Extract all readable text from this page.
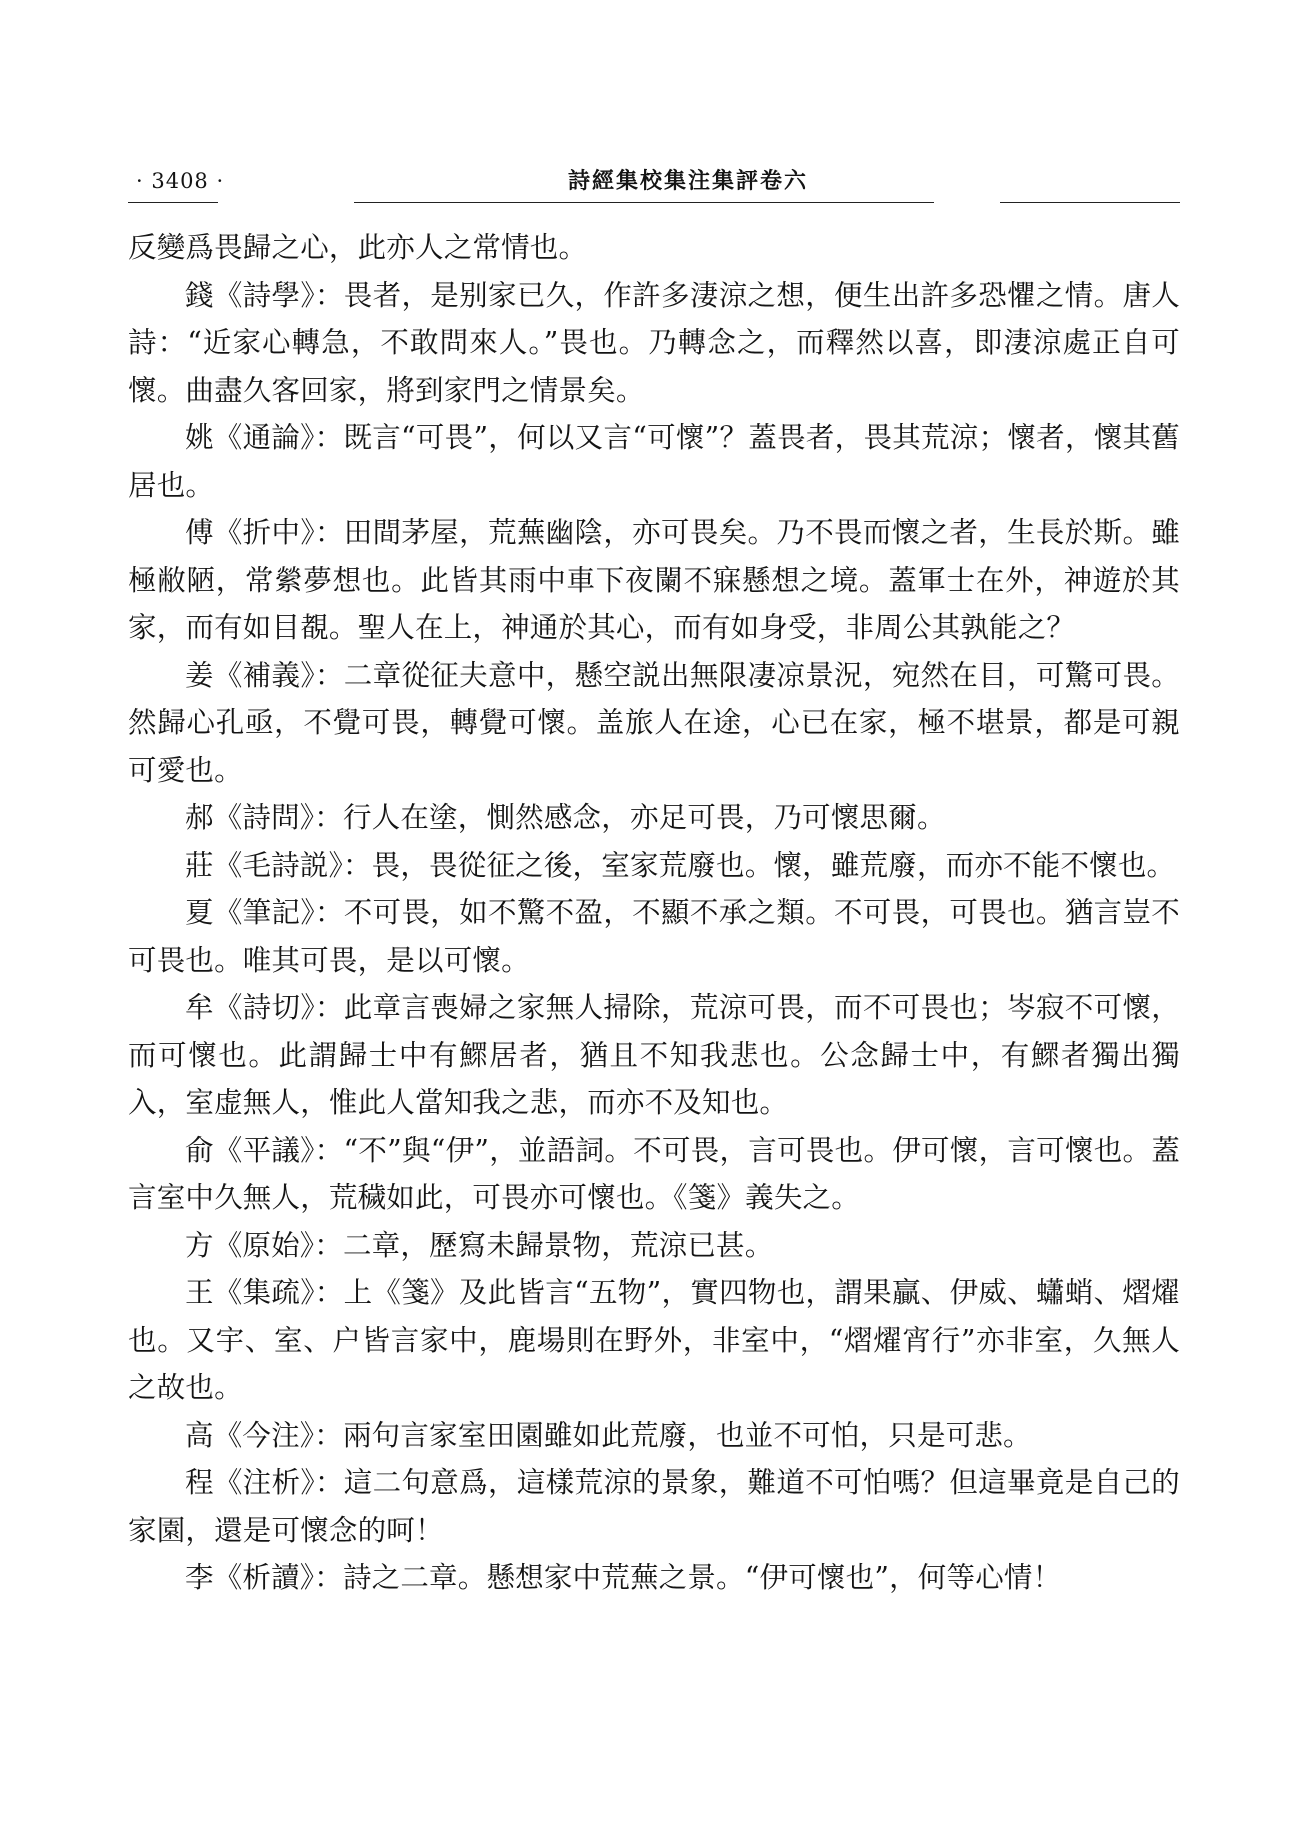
· 3408 ·	詩經集校集注集評卷六

反變爲畏歸之心，此亦人之常情也。

錢《詩學》：畏者，是别家已久，作許多淒涼之想，便生出許多恐懼之情。唐人詩：“近家心轉急，不敢問來人。”畏也。乃轉念之，而釋然以喜，即淒涼處正自可懷。曲盡久客回家，將到家門之情景矣。

姚《通論》：既言“可畏”，何以又言“可懷”？蓋畏者，畏其荒涼；懷者，懷其舊居也。

傅《折中》：田間茅屋，荒蕪幽陰，亦可畏矣。乃不畏而懷之者，生長於斯。雖極敝陋，常縈夢想也。此皆其雨中車下夜闌不寐懸想之境。蓋軍士在外，神遊於其家，而有如目覩。聖人在上，神通於其心，而有如身受，非周公其孰能之？

姜《補義》：二章從征夫意中，懸空説出無限凄凉景況，宛然在目，可驚可畏。然歸心孔亟，不覺可畏，轉覺可懷。盖旅人在途，心已在家，極不堪景，都是可親可愛也。

郝《詩問》：行人在塗，惻然感念，亦足可畏，乃可懷思爾。

莊《毛詩説》：畏，畏從征之後，室家荒廢也。懷，雖荒廢，而亦不能不懷也。

夏《筆記》：不可畏，如不驚不盈，不顯不承之類。不可畏，可畏也。猶言豈不可畏也。唯其可畏，是以可懷。

牟《詩切》：此章言喪婦之家無人掃除，荒涼可畏，而不可畏也；岑寂不可懷，而可懷也。此謂歸士中有鰥居者，猶且不知我悲也。公念歸士中，有鰥者獨出獨入，室虚無人，惟此人當知我之悲，而亦不及知也。

俞《平議》：“不”與“伊”，並語詞。不可畏，言可畏也。伊可懷，言可懷也。蓋言室中久無人，荒穢如此，可畏亦可懷也。《箋》義失之。

方《原始》：二章，歷寫未歸景物，荒涼已甚。

王《集疏》：上《箋》及此皆言“五物”，實四物也，謂果贏、伊威、蠨蛸、熠燿也。又宇、室、户皆言家中，鹿場則在野外，非室中，“熠燿宵行”亦非室，久無人之故也。

高《今注》：兩句言家室田園雖如此荒廢，也並不可怕，只是可悲。

程《注析》：這二句意爲，這樣荒涼的景象，難道不可怕嗎？但這畢竟是自己的家園，還是可懷念的呵！

李《析讀》：詩之二章。懸想家中荒蕪之景。“伊可懷也”，何等心情！
